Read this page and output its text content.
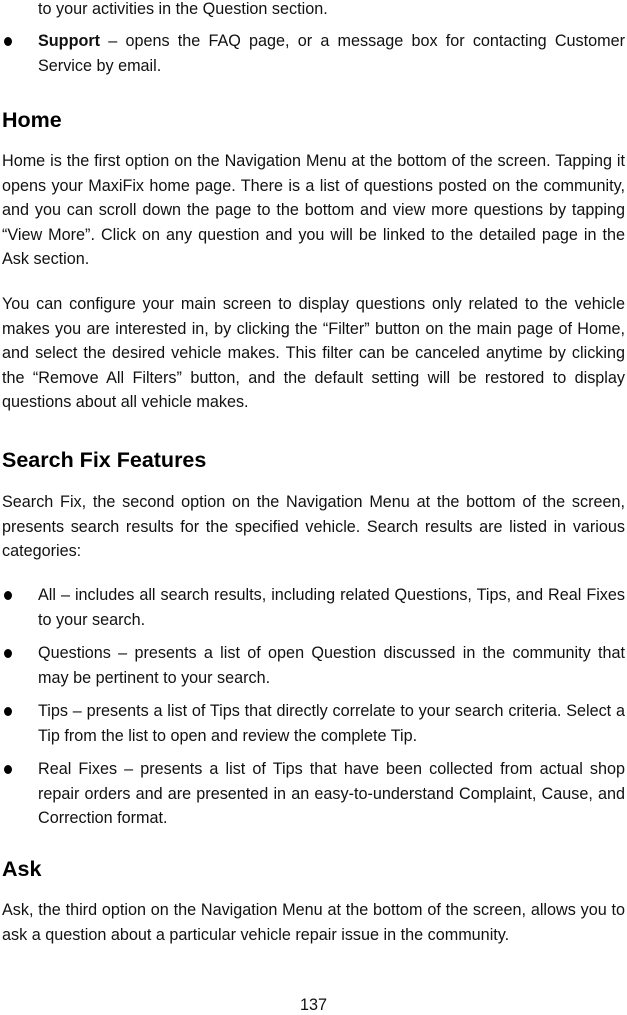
to your activities in the Question section.
Support – opens the FAQ page, or a message box for contacting Customer Service by email.
Home

Home is the first option on the Navigation Menu at the bottom of the screen. Tapping it opens your MaxiFix home page. There is a list of questions posted on the community, and you can scroll down the page to the bottom and view more questions by tapping “View More”. Click on any question and you will be linked to the detailed page in the Ask section.

You can configure your main screen to display questions only related to the vehicle makes you are interested in, by clicking the “Filter” button on the main page of Home, and select the desired vehicle makes. This filter can be canceled anytime by clicking the “Remove All Filters” button, and the default setting will be restored to display questions about all vehicle makes.

Search Fix Features

Search Fix, the second option on the Navigation Menu at the bottom of the screen, presents search results for the specified vehicle. Search results are listed in various categories:

All – includes all search results, including related Questions, Tips, and Real Fixes to your search.
Questions – presents a list of open Question discussed in the community that may be pertinent to your search.
Tips – presents a list of Tips that directly correlate to your search criteria. Select a Tip from the list to open and review the complete Tip.
Real Fixes – presents a list of Tips that have been collected from actual shop repair orders and are presented in an easy-to-understand Complaint, Cause, and Correction format.
Ask

Ask, the third option on the Navigation Menu at the bottom of the screen, allows you to ask a question about a particular vehicle repair issue in the community.

137
